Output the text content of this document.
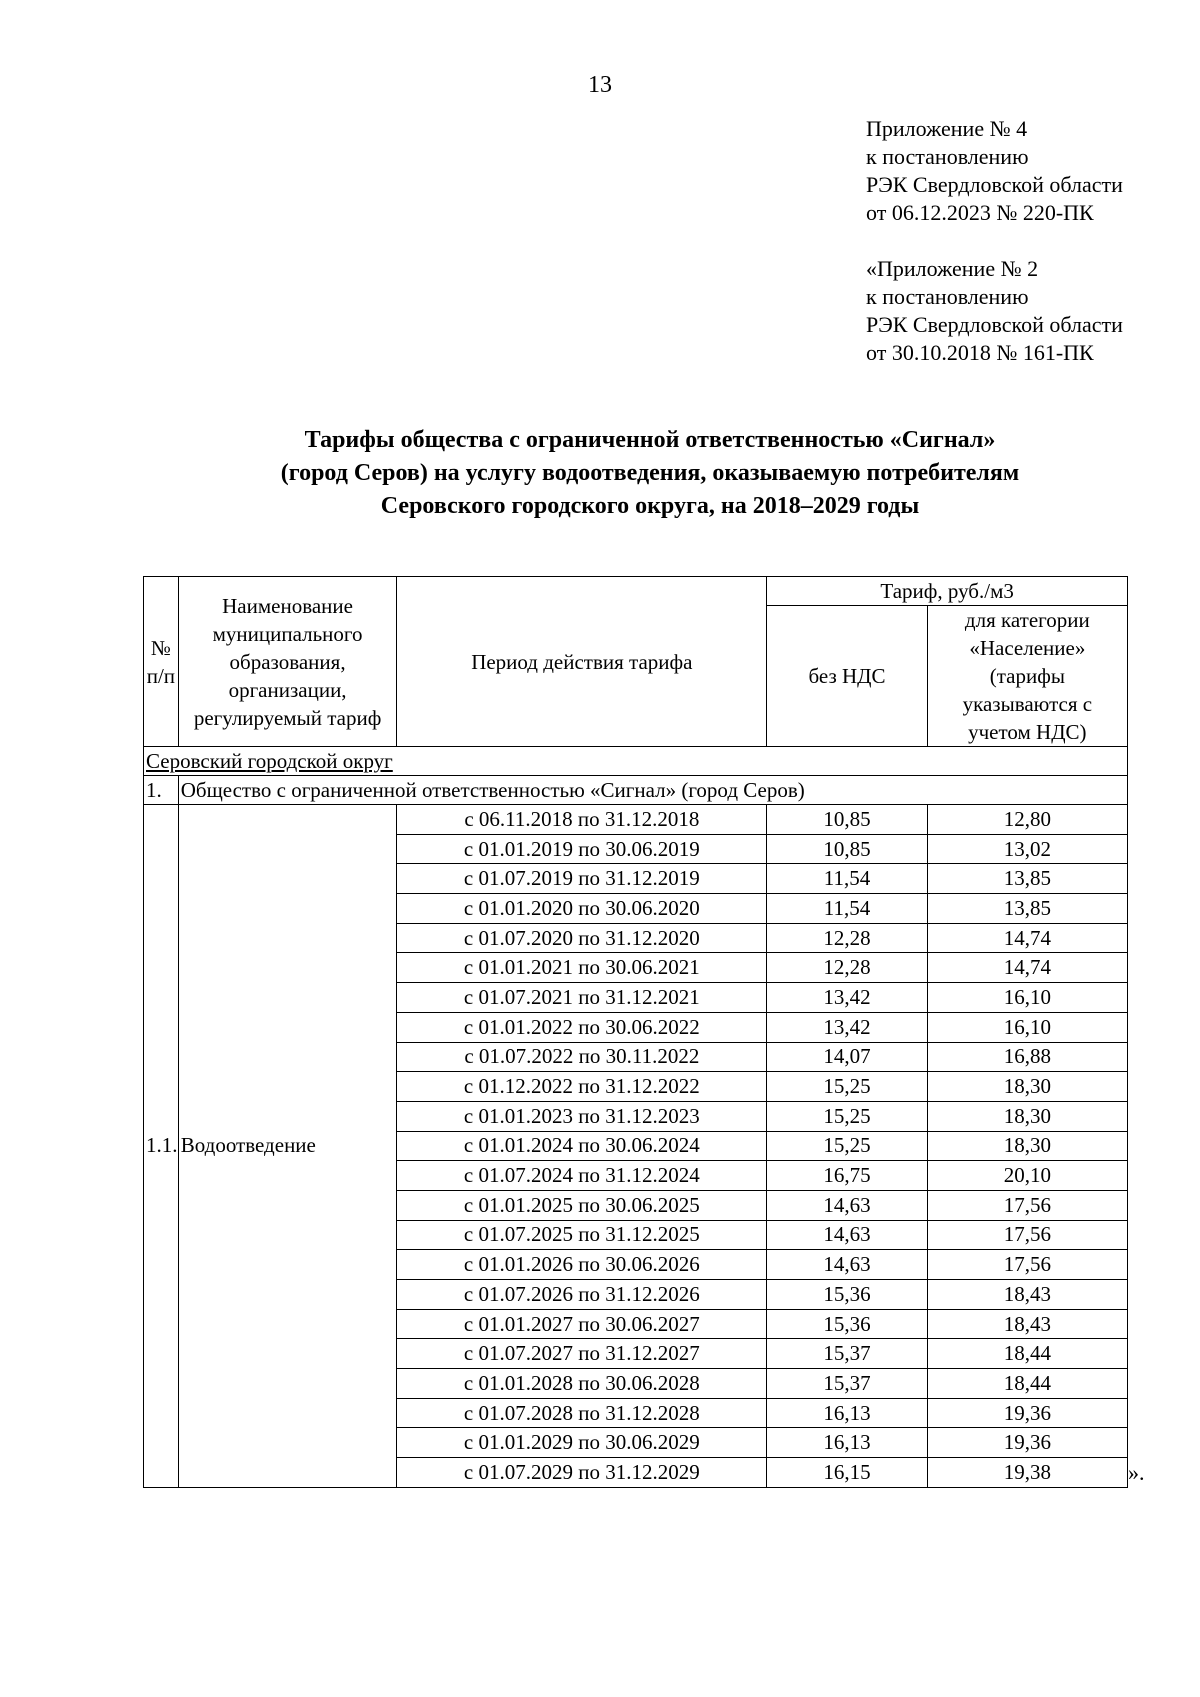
13
Приложение № 4
к постановлению
РЭК Свердловской области
от 06.12.2023 № 220-ПК
«Приложение № 2
к постановлению
РЭК Свердловской области
от 30.10.2018 № 161-ПК
Тарифы общества с ограниченной ответственностью «Сигнал»
(город Серов) на услугу водоотведения, оказываемую потребителям
Серовского городского округа, на 2018–2029 годы
№ п/п	Наименование муниципального образования, организации, регулируемый тариф	Период действия тарифа	Тариф, руб./м3	
			без НДС	для категории «Население» (тарифы указываются с учетом НДС)
Серовский городской округ				
1.	Общество с ограниченной ответственностью «Сигнал» (город Серов)			
1.1.	Водоотведение	с 06.11.2018 по 31.12.2018	10,85	12,80
		с 01.01.2019 по 30.06.2019	10,85	13,02
		с 01.07.2019 по 31.12.2019	11,54	13,85
		с 01.01.2020 по 30.06.2020	11,54	13,85
		с 01.07.2020 по 31.12.2020	12,28	14,74
		с 01.01.2021 по 30.06.2021	12,28	14,74
		с 01.07.2021 по 31.12.2021	13,42	16,10
		с 01.01.2022 по 30.06.2022	13,42	16,10
		с 01.07.2022 по 30.11.2022	14,07	16,88
		с 01.12.2022 по 31.12.2022	15,25	18,30
		с 01.01.2023 по 31.12.2023	15,25	18,30
		с 01.01.2024 по 30.06.2024	15,25	18,30
		с 01.07.2024 по 31.12.2024	16,75	20,10
		с 01.01.2025 по 30.06.2025	14,63	17,56
		с 01.07.2025 по 31.12.2025	14,63	17,56
		с 01.01.2026 по 30.06.2026	14,63	17,56
		с 01.07.2026 по 31.12.2026	15,36	18,43
		с 01.01.2027 по 30.06.2027	15,36	18,43
		с 01.07.2027 по 31.12.2027	15,37	18,44
		с 01.01.2028 по 30.06.2028	15,37	18,44
		с 01.07.2028 по 31.12.2028	16,13	19,36
		с 01.01.2029 по 30.06.2029	16,13	19,36
		с 01.07.2029 по 31.12.2029	16,15	19,38	».
